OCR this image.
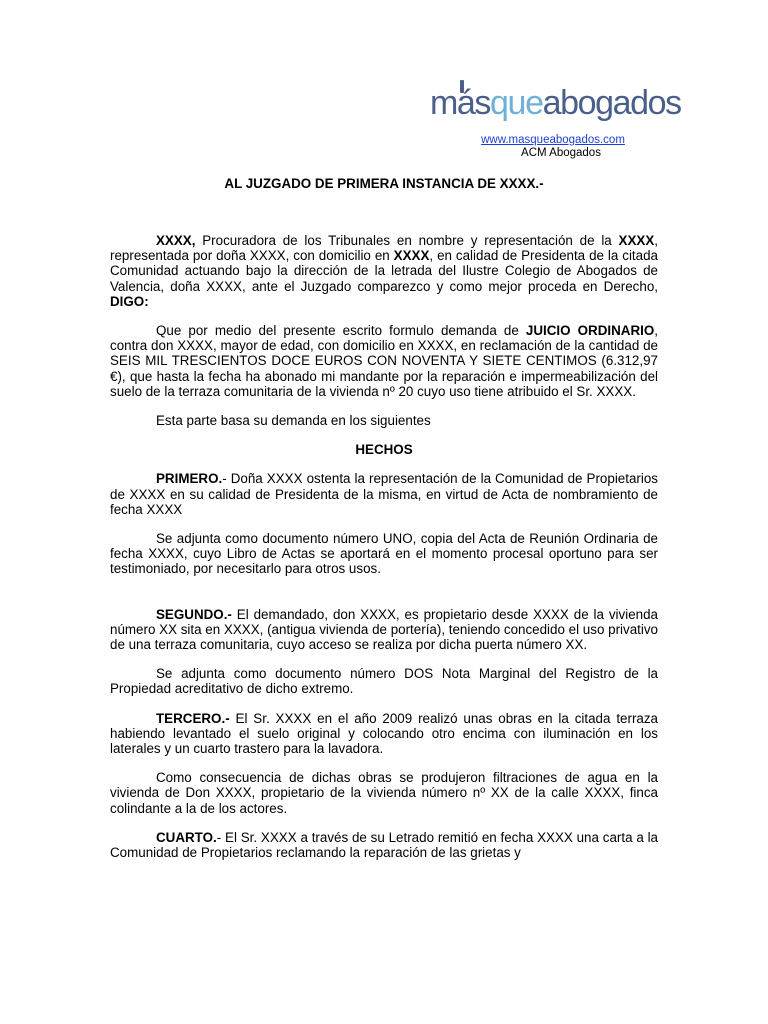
másqueabogados
www.masqueabogados.com
ACM Abogados
AL JUZGADO DE PRIMERA INSTANCIA DE XXXX.-

XXXX, Procuradora de los Tribunales en nombre y representación de la XXXX, representada por doña XXXX, con domicilio en XXXX, en calidad de Presidenta de la citada Comunidad actuando bajo la dirección de la letrada del Ilustre Colegio de Abogados de Valencia, doña XXXX, ante el Juzgado comparezco y como mejor proceda en Derecho, DIGO:

Que por medio del presente escrito formulo demanda de JUICIO ORDINARIO, contra don XXXX, mayor de edad, con domicilio en XXXX, en reclamación de la cantidad de SEIS MIL TRESCIENTOS DOCE EUROS CON NOVENTA Y SIETE CENTIMOS (6.312,97 €), que hasta la fecha ha abonado mi mandante por la reparación e impermeabilización del suelo de la terraza comunitaria de la vivienda nº 20 cuyo uso tiene atribuido el Sr. XXXX.

Esta parte basa su demanda en los siguientes

HECHOS

PRIMERO.- Doña XXXX ostenta la representación de la Comunidad de Propietarios de XXXX en su calidad de Presidenta de la misma, en virtud de Acta de nombramiento de fecha XXXX

Se adjunta como documento número UNO, copia del Acta de Reunión Ordinaria de fecha XXXX, cuyo Libro de Actas se aportará en el momento procesal oportuno para ser testimoniado, por necesitarlo para otros usos.

SEGUNDO.- El demandado, don XXXX, es propietario desde XXXX de la vivienda número XX sita en XXXX, (antigua vivienda de portería), teniendo concedido el uso privativo de una terraza comunitaria, cuyo acceso se realiza por dicha puerta número XX.

Se adjunta como documento número DOS Nota Marginal del Registro de la Propiedad acreditativo de dicho extremo.

TERCERO.- El Sr. XXXX en el año 2009 realizó unas obras en la citada terraza habiendo levantado el suelo original y colocando otro encima con iluminación en los laterales y un cuarto trastero para la lavadora.

Como consecuencia de dichas obras se produjeron filtraciones de agua en la vivienda de Don XXXX, propietario de la vivienda número nº XX de la calle XXXX, finca colindante a la de los actores.

CUARTO.- El Sr. XXXX a través de su Letrado remitió en fecha XXXX una carta a la Comunidad de Propietarios reclamando la reparación de las grietas y
